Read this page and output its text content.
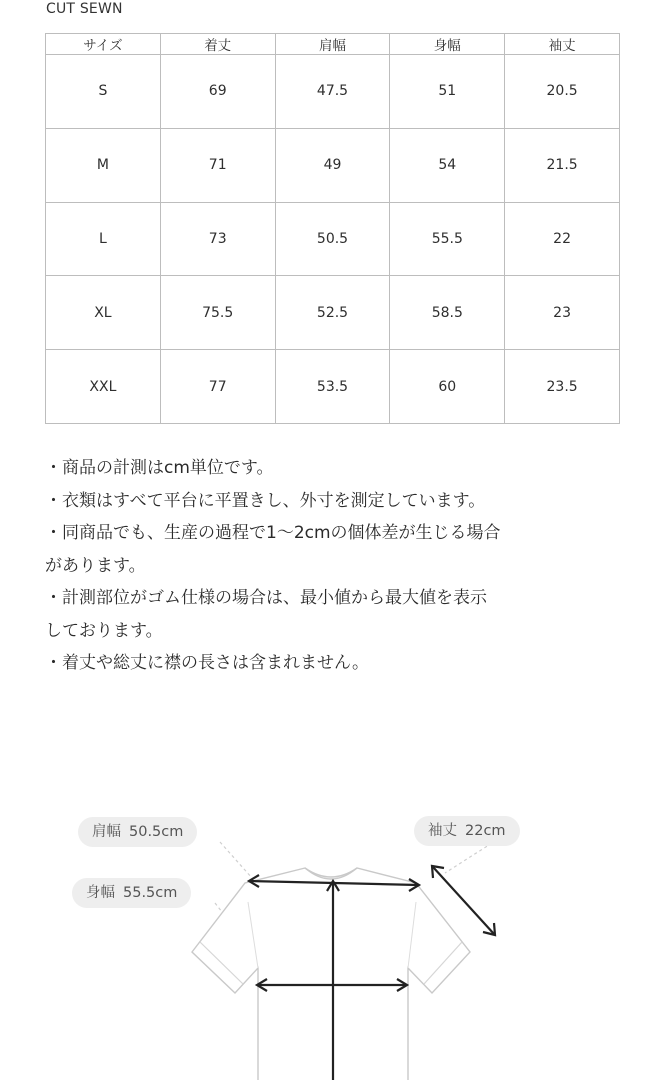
CUT SEWN
サイズ	着丈	肩幅	身幅	袖丈
S	69	47.5	51	20.5
M	71	49	54	21.5
L	73	50.5	55.5	22
XL	75.5	52.5	58.5	23
XXL	77	53.5	60	23.5

・商品の計測はcm単位です。

・衣類はすべて平台に平置きし、外寸を測定しています。

・同商品でも、生産の過程で1〜2cmの個体差が生じる場合

があります。

・計測部位がゴム仕様の場合は、最小値から最大値を表示

しております。

・着丈や総丈に襟の長さは含まれません。

肩幅 50.5cm	袖丈 22cm
身幅 55.5cm
